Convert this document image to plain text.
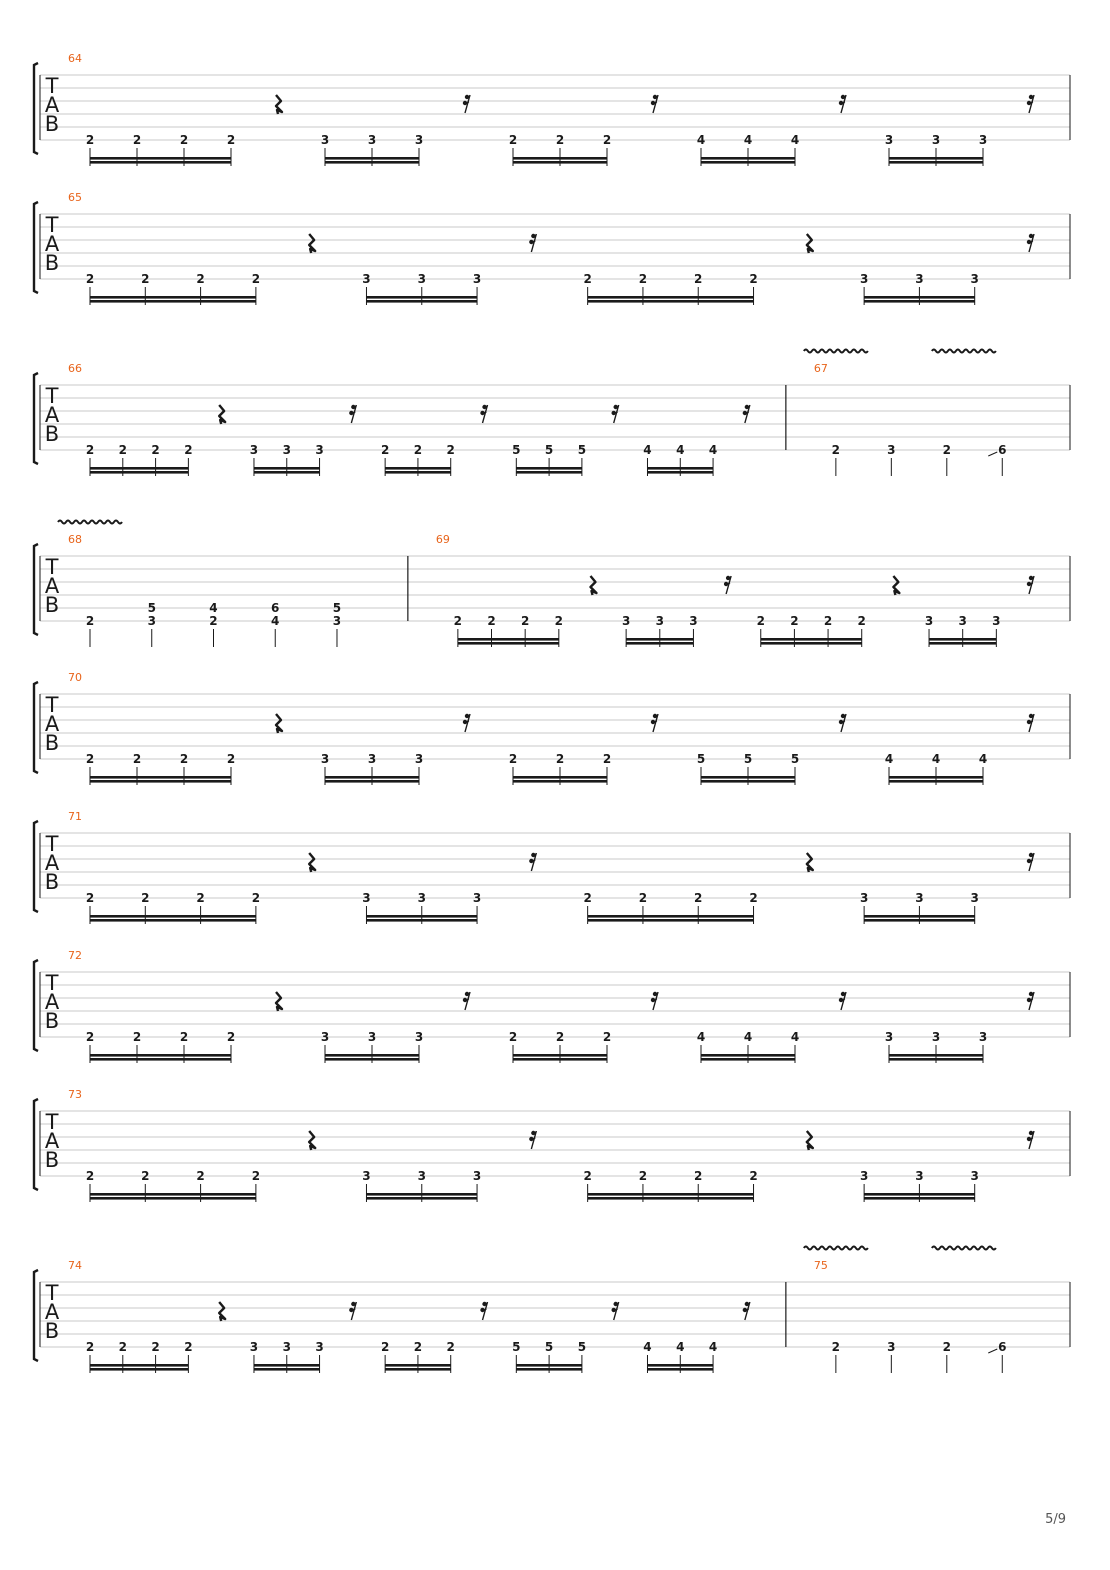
T
A
B
64
2	2	2	2	3	3	3	2	2	2	4	4	4	3	3	3
T
A
B
65
2	2	2	2	3	3	3	2	2	2	2	3	3	3
T
A
B
66
2 2 2 2	3 3 3	2 2 2	5 5 5	4 4 4
67
2	3	2	6
T
A
B
68
2
5
3
4
2
6
4
5
3
69
2 2 2 2	3 3 3	2 2 2 2	3 3 3
T
A
B
70
2	2	2	2	3	3	3	2	2	2	5	5	5	4	4	4
T
A
B
71
2	2	2	2	3	3	3	2	2	2	2	3	3	3
T
A
B
72
2	2	2	2	3	3	3	2	2	2	4	4	4	3	3	3
T
A
B
73
2	2	2	2	3	3	3	2	2	2	2	3	3	3
T
A
B
74
2 2 2 2	3 3 3	2 2 2	5 5 5	4 4 4
75
2	3	2	6
5/9
